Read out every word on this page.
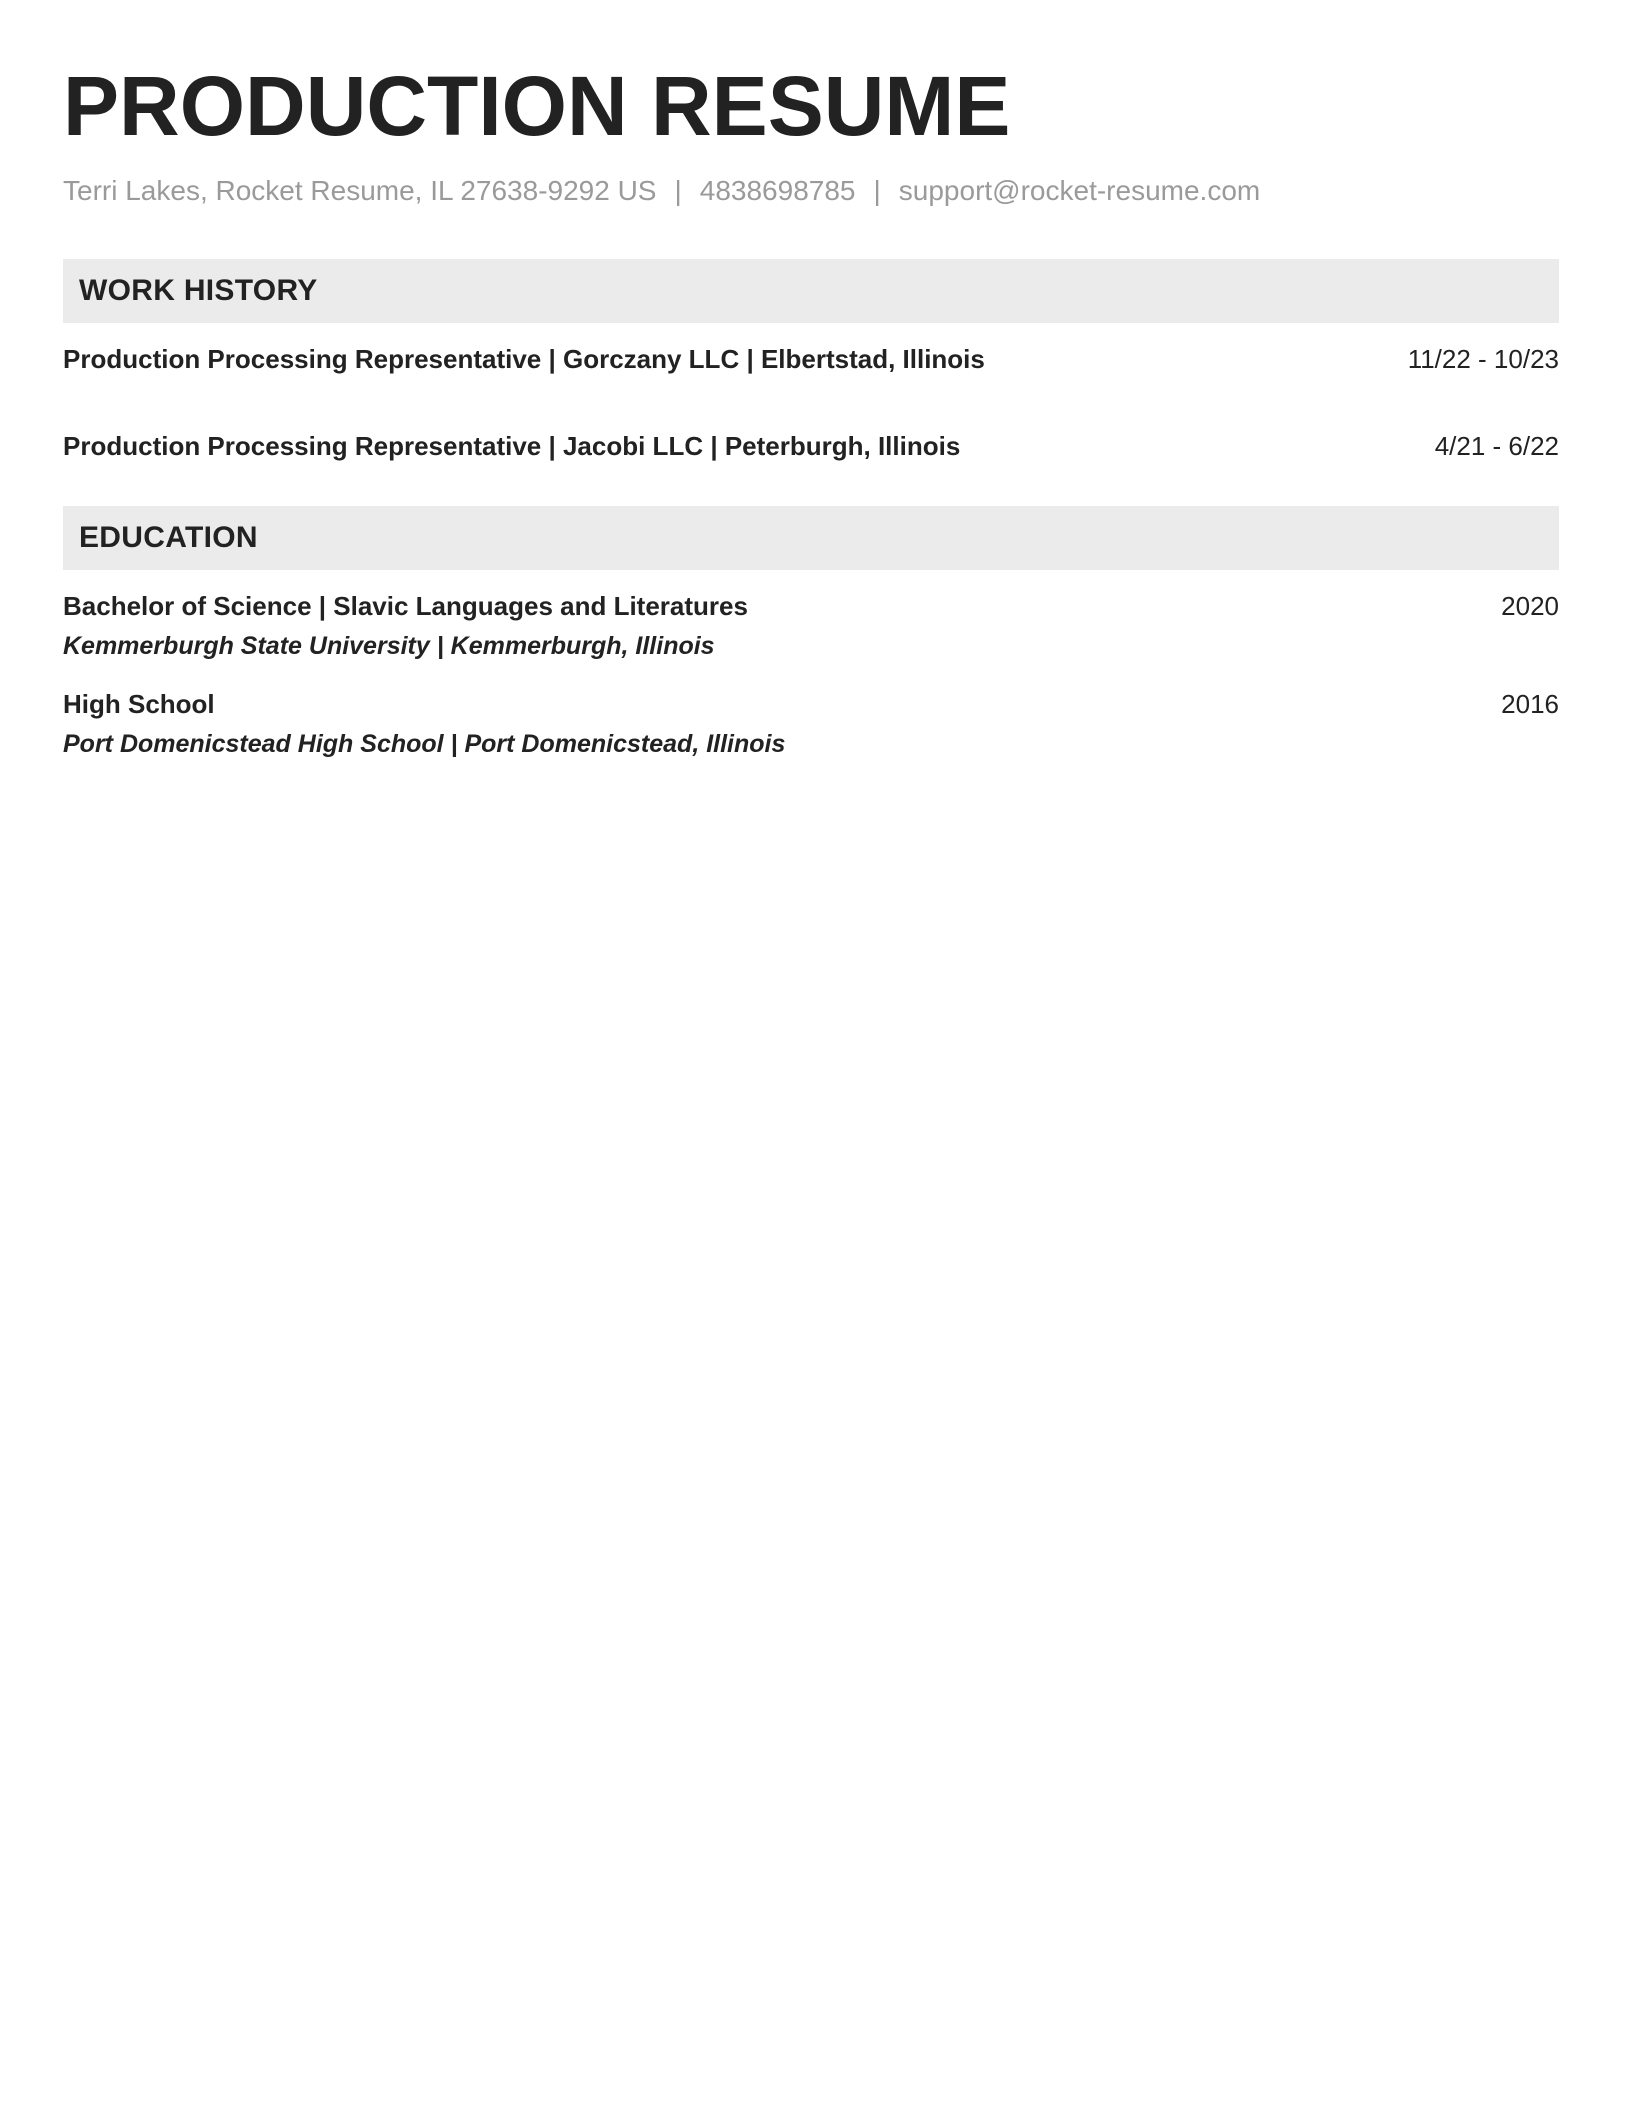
PRODUCTION RESUME
Terri Lakes, Rocket Resume, IL 27638-9292 US | 4838698785 | support@rocket-resume.com
WORK HISTORY
Production Processing Representative | Gorczany LLC | Elbertstad, Illinois	11/22 - 10/23
Production Processing Representative | Jacobi LLC | Peterburgh, Illinois	4/21 - 6/22
EDUCATION
Bachelor of Science | Slavic Languages and Literatures	2020
Kemmerburgh State University | Kemmerburgh, Illinois
High School	2016
Port Domenicstead High School | Port Domenicstead, Illinois
